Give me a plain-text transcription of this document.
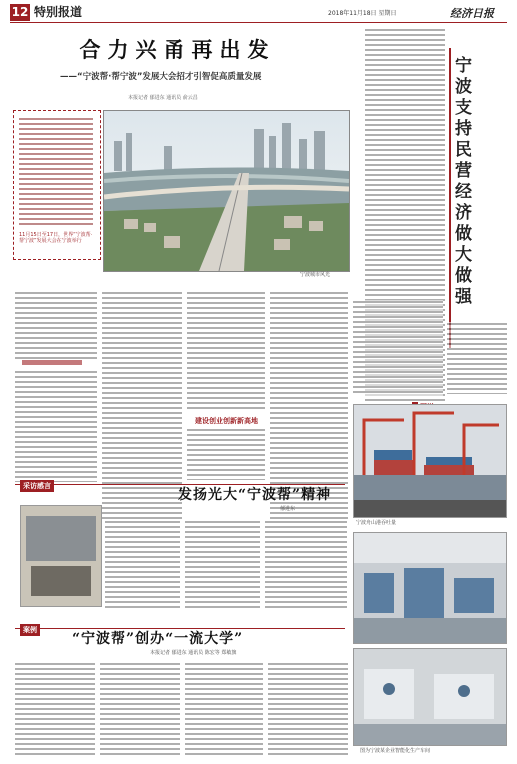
12 特别报道	2018年11月18日 星期日	经济日报
合力兴甬再出发
——“宁波帮·帮宁波”发展大会招才引智促高质量发展
本报记者 郁进东 通讯员 俞云昌
宁波支持民营经济做大做强
11月15日至17日，世界“宁波帮·帮宁波”发展大会在宁波举行
宁波城市风光
建设创业创新新高地
宁波舟山港吞吐量
采访感言
发扬光大“宁波帮”精神
郁进东
案例
“宁波帮”创办“一流大学”
本报记者 郁进东 通讯员 陈宏等 郑敏旗
图为宁波某企业智能化生产车间
